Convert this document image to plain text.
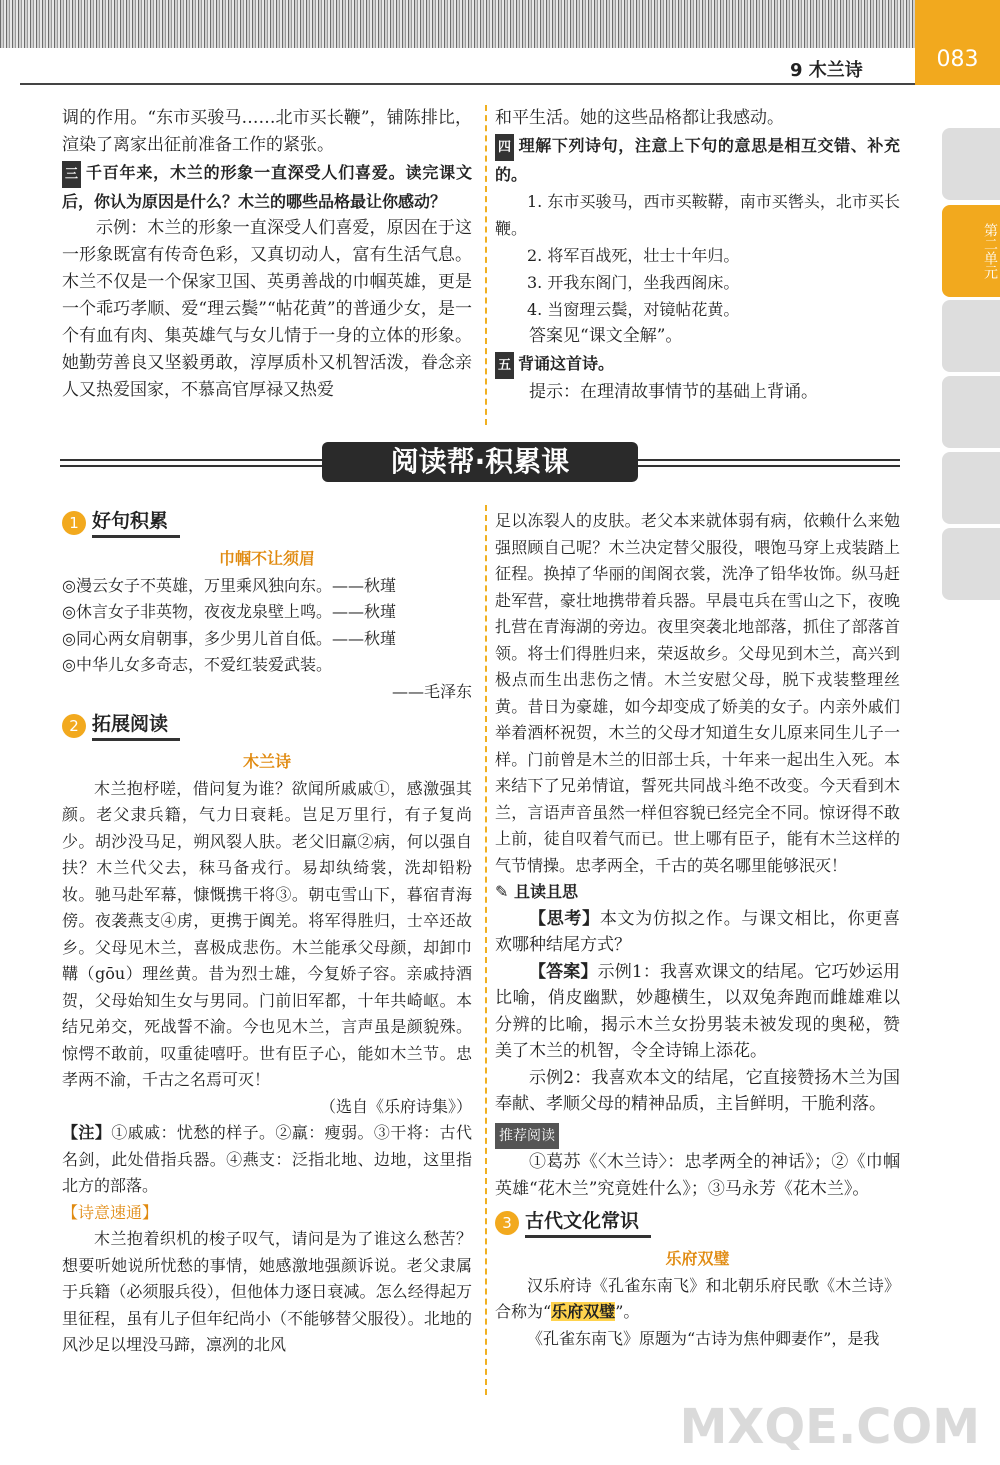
9 木兰诗	083
第二单元

调的作用。“东市买骏马……北市买长鞭”，铺陈排比，渲染了离家出征前准备工作的紧张。

三 千百年来，木兰的形象一直深受人们喜爱。读完课文后，你认为原因是什么？木兰的哪些品格最让你感动？

示例：木兰的形象一直深受人们喜爱，原因在于这一形象既富有传奇色彩，又真切动人，富有生活气息。木兰不仅是一个保家卫国、英勇善战的巾帼英雄，更是一个乖巧孝顺、爱“理云鬓”“帖花黄”的普通少女，是一个有血有肉、集英雄气与女儿情于一身的立体的形象。她勤劳善良又坚毅勇敢，淳厚质朴又机智活泼，眷念亲人又热爱国家，不慕高官厚禄又热爱

和平生活。她的这些品格都让我感动。

四 理解下列诗句，注意上下句的意思是相互交错、补充的。

1. 东市买骏马，西市买鞍鞯，南市买辔头，北市买长鞭。

2. 将军百战死，壮士十年归。

3. 开我东阁门，坐我西阁床。

4. 当窗理云鬓，对镜帖花黄。

答案见“课文全解”。

五 背诵这首诗。

提示：在理清故事情节的基础上背诵。

阅读帮·积累课
1 好句积累

巾帼不让须眉

◎漫云女子不英雄，万里乘风独向东。——秋瑾

◎休言女子非英物，夜夜龙泉壁上鸣。——秋瑾

◎同心两女肩朝事，多少男儿首自低。——秋瑾

◎中华儿女多奇志，不爱红装爱武装。

——毛泽东

2 拓展阅读

木兰诗

木兰抱杼嗟，借问复为谁？欲闻所戚戚①，感激强其颜。老父隶兵籍，气力日衰耗。岂足万里行，有子复尚少。胡沙没马足，朔风裂人肤。老父旧羸②病，何以强自扶？木兰代父去，秣马备戎行。易却纨绮裳，洗却铅粉妆。驰马赴军幕，慷慨携干将③。朝屯雪山下，暮宿青海傍。夜袭燕支④虏，更携于阗羌。将军得胜归，士卒还故乡。父母见木兰，喜极成悲伤。木兰能承父母颜，却卸巾鞲（gōu）理丝黄。昔为烈士雄，今复娇子容。亲戚持酒贺，父母始知生女与男同。门前旧军都，十年共崎岖。本结兄弟交，死战誓不渝。今也见木兰，言声虽是颜貌殊。惊愕不敢前，叹重徒嘻吁。世有臣子心，能如木兰节。忠孝两不渝，千古之名焉可灭！

（选自《乐府诗集》）

【注】①戚戚：忧愁的样子。②羸：瘦弱。③干将：古代名剑，此处借指兵器。④燕支：泛指北地、边地，这里指北方的部落。

【诗意速通】

木兰抱着织机的梭子叹气，请问是为了谁这么愁苦？想要听她说所忧愁的事情，她感激地强颜诉说。老父隶属于兵籍（必须服兵役），但他体力逐日衰减。怎么经得起万里征程，虽有儿子但年纪尚小（不能够替父服役）。北地的风沙足以埋没马蹄，凛冽的北风

足以冻裂人的皮肤。老父本来就体弱有病，依赖什么来勉强照顾自己呢？木兰决定替父服役，喂饱马穿上戎装踏上征程。换掉了华丽的闺阁衣裳，洗净了铅华妆饰。纵马赶赴军营，豪壮地携带着兵器。早晨屯兵在雪山之下，夜晚扎营在青海湖的旁边。夜里突袭北地部落，抓住了部落首领。将士们得胜归来，荣返故乡。父母见到木兰，高兴到极点而生出悲伤之情。木兰安慰父母，脱下戎装整理丝黄。昔日为豪雄，如今却变成了娇美的女子。内亲外戚们举着酒杯祝贺，木兰的父母才知道生女儿原来同生儿子一样。门前曾是木兰的旧部士兵，十年来一起出生入死。本来结下了兄弟情谊，誓死共同战斗绝不改变。今天看到木兰，言语声音虽然一样但容貌已经完全不同。惊讶得不敢上前，徒自叹着气而已。世上哪有臣子，能有木兰这样的气节情操。忠孝两全，千古的英名哪里能够泯灭！

✎ 且读且思

【思考】本文为仿拟之作。与课文相比，你更喜欢哪种结尾方式？

【答案】示例1：我喜欢课文的结尾。它巧妙运用比喻，俏皮幽默，妙趣横生，以双兔奔跑而雌雄难以分辨的比喻，揭示木兰女扮男装未被发现的奥秘，赞美了木兰的机智，令全诗锦上添花。

示例2：我喜欢本文的结尾，它直接赞扬木兰为国奉献、孝顺父母的精神品质，主旨鲜明，干脆利落。

推荐阅读

①葛苏《〈木兰诗〉：忠孝两全的神话》；②《巾帼英雄“花木兰”究竟姓什么》；③马永芳《花木兰》。

3 古代文化常识

乐府双璧

汉乐府诗《孔雀东南飞》和北朝乐府民歌《木兰诗》合称为“乐府双璧”。

《孔雀东南飞》原题为“古诗为焦仲卿妻作”，是我

MXQE.COM
